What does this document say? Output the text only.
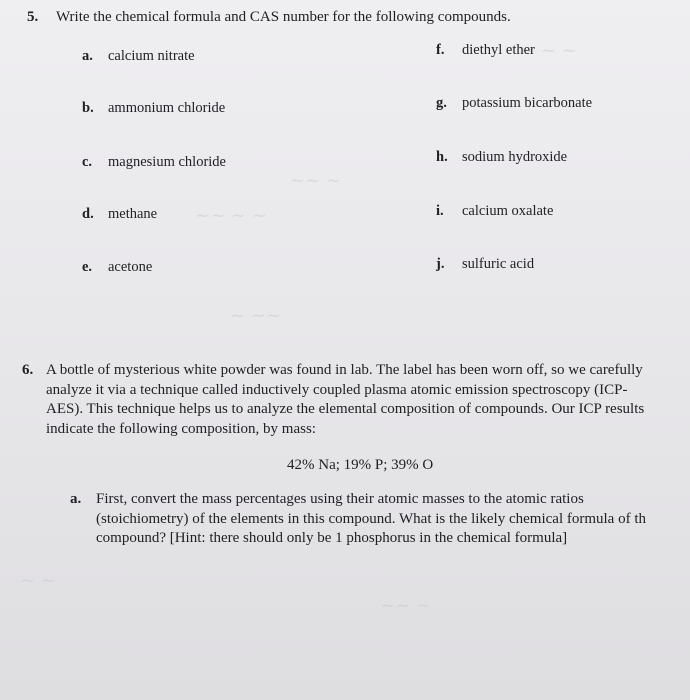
~ ~ ~
~~ ~
~~ ~ ~
~ ~~
~ ~
~~ ~
5. Write the chemical formula and CAS number for the following compounds.
a. calcium nitrate
b. ammonium chloride
c. magnesium chloride
d. methane
e. acetone
f. diethyl ether
g. potassium bicarbonate
h. sodium hydroxide
i. calcium oxalate
j. sulfuric acid
6. A bottle of mysterious white powder was found in lab. The label has been worn off, so we carefully
analyze it via a technique called inductively coupled plasma atomic emission spectroscopy (ICP-
AES). This technique helps us to analyze the elemental composition of compounds. Our ICP results
indicate the following composition, by mass:
42% Na; 19% P; 39% O
a. First, convert the mass percentages using their atomic masses to the atomic ratios
(stoichiometry) of the elements in this compound. What is the likely chemical formula of th
compound? [Hint: there should only be 1 phosphorus in the chemical formula]
